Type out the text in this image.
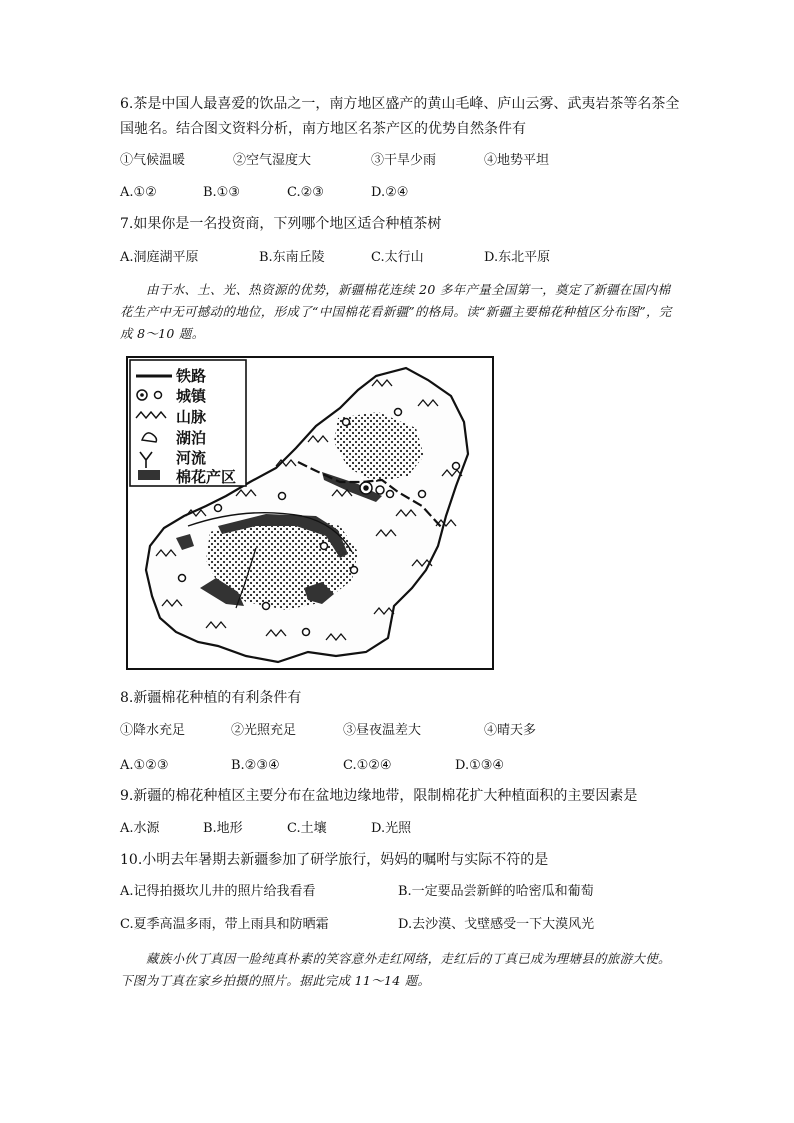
6.茶是中国人最喜爱的饮品之一，南方地区盛产的黄山毛峰、庐山云雾、武夷岩茶等名茶全
国驰名。结合图文资料分析，南方地区名茶产区的优势自然条件有
①气候温暖	②空气湿度大	③干旱少雨	④地势平坦
A.①②	B.①③	C.②③	D.②④
7.如果你是一名投资商，下列哪个地区适合种植茶树
A.洞庭湖平原	B.东南丘陵	C.太行山	D.东北平原
由于水、土、光、热资源的优势，新疆棉花连续 20 多年产量全国第一，奠定了新疆在国内棉花生产中无可撼动的地位，形成了“中国棉花看新疆”的格局。读“新疆主要棉花种植区分布图”，完成 8～10 题。
铁路
城镇
山脉
湖泊
河流
棉花产区
8.新疆棉花种植的有利条件有
①降水充足	②光照充足	③昼夜温差大	④晴天多
A.①②③	B.②③④	C.①②④	D.①③④
9.新疆的棉花种植区主要分布在盆地边缘地带，限制棉花扩大种植面积的主要因素是
A.水源	B.地形	C.土壤	D.光照
10.小明去年暑期去新疆参加了研学旅行，妈妈的嘱咐与实际不符的是
A.记得拍摄坎儿井的照片给我看看	B.一定要品尝新鲜的哈密瓜和葡萄
C.夏季高温多雨，带上雨具和防晒霜	D.去沙漠、戈壁感受一下大漠风光
藏族小伙丁真因一脸纯真朴素的笑容意外走红网络，走红后的丁真已成为理塘县的旅游大使。下图为丁真在家乡拍摄的照片。据此完成 11～14 题。
